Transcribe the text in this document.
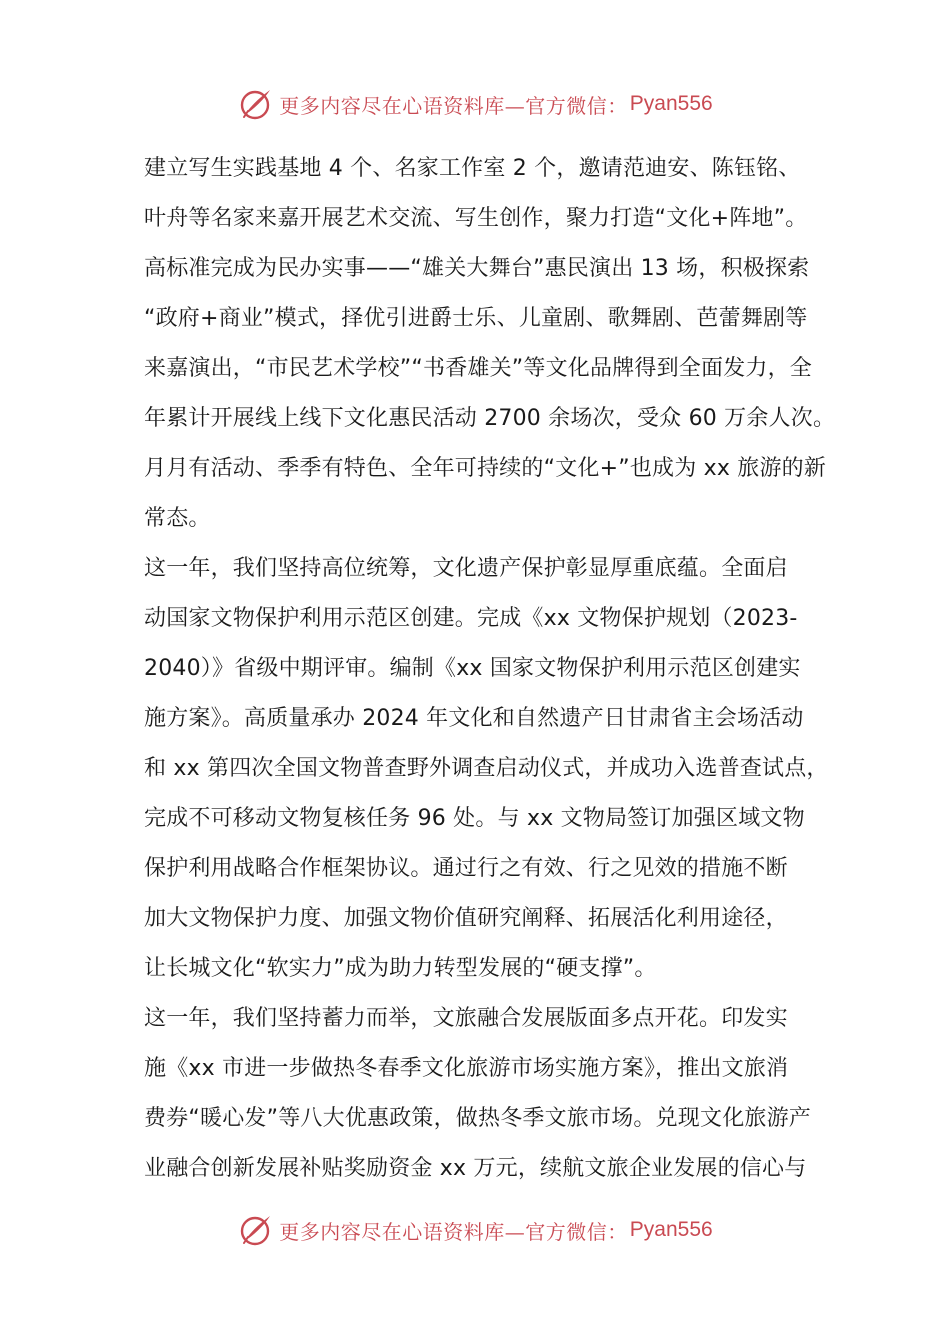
更多内容尽在心语资料库—官方微信： Pyan556
建立写生实践基地 4 个、名家工作室 2 个，邀请范迪安、陈钰铭、
叶舟等名家来嘉开展艺术交流、写生创作，聚力打造“文化+阵地”。
高标准完成为民办实事——“雄关大舞台”惠民演出 13 场，积极探索
“政府+商业”模式，择优引进爵士乐、儿童剧、歌舞剧、芭蕾舞剧等
来嘉演出，“市民艺术学校”“书香雄关”等文化品牌得到全面发力，全
年累计开展线上线下文化惠民活动 2700 余场次，受众 60 万余人次。
月月有活动、季季有特色、全年可持续的“文化+”也成为 xx 旅游的新
常态。
这一年，我们坚持高位统筹，文化遗产保护彰显厚重底蕴。全面启
动国家文物保护利用示范区创建。完成《xx 文物保护规划（2023-
2040）》省级中期评审。编制《xx 国家文物保护利用示范区创建实
施方案》。高质量承办 2024 年文化和自然遗产日甘肃省主会场活动
和 xx 第四次全国文物普查野外调查启动仪式，并成功入选普查试点，
完成不可移动文物复核任务 96 处。与 xx 文物局签订加强区域文物
保护利用战略合作框架协议。通过行之有效、行之见效的措施不断
加大文物保护力度、加强文物价值研究阐释、拓展活化利用途径，
让长城文化“软实力”成为助力转型发展的“硬支撑”。
这一年，我们坚持蓄力而举，文旅融合发展版面多点开花。印发实
施《xx 市进一步做热冬春季文化旅游市场实施方案》，推出文旅消
费券“暖心发”等八大优惠政策，做热冬季文旅市场。兑现文化旅游产
业融合创新发展补贴奖励资金 xx 万元，续航文旅企业发展的信心与
更多内容尽在心语资料库—官方微信： Pyan556
